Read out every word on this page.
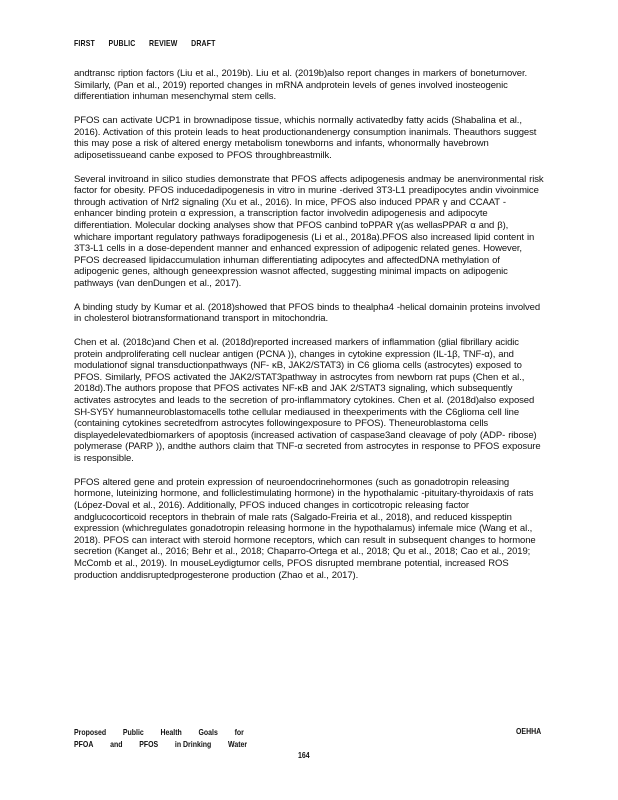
FIRST PUBLIC REVIEW DRAFT

andtransc ription factors (Liu et al., 2019b). Liu et al. (2019b)also report changes in markers of boneturnover. Similarly, (Pan et al., 2019) reported changes in mRNA andprotein levels of genes involved inosteogenic differentiation inhuman mesenchymal stem cells.

PFOS can activate UCP1 in brownadipose tissue, whichis normally activatedby fatty acids (Shabalina et al., 2016). Activation of this protein leads to heat productionandenergy consumption inanimals. Theauthors suggest this may pose a risk of altered energy metabolism tonewborns and infants, whonormally havebrown adiposetissueand canbe exposed to PFOS throughbreastmilk.

Several invitroand in silico studies demonstrate that PFOS affects adipogenesis andmay be anenvironmental risk factor for obesity. PFOS inducedadipogenesis in vitro in murine -derived 3T3-L1 preadipocytes andin vivoinmice through activation of Nrf2 signaling (Xu et al., 2016). In mice, PFOS also induced PPAR γ and CCAAT -enhancer binding protein α expression, a transcription factor involvedin adipogenesis and adipocyte differentiation. Molecular docking analyses show that PFOS canbind toPPAR γ(as wellasPPAR α and β), whichare important regulatory pathways foradipogenesis (Li et al., 2018a).PFOS also increased lipid content in 3T3-L1 cells in a dose-dependent manner and enhanced expression of adipogenic related genes. However, PFOS decreased lipidaccumulation inhuman differentiating adipocytes and affectedDNA methylation of adipogenic genes, although geneexpression wasnot affected, suggesting minimal impacts on adipogenic pathways (van denDungen et al., 2017).

A binding study by Kumar et al. (2018)showed that PFOS binds to thealpha4 -helical domainin proteins involved in cholesterol biotransformationand transport in mitochondria.

Chen et al. (2018c)and Chen et al. (2018d)reported increased markers of inflammation (glial fibrillary acidic protein andproliferating cell nuclear antigen (PCNA )), changes in cytokine expression (IL-1β, TNF-α), and modulationof signal transductionpathways (NF- κB, JAK2/STAT3) in C6 glioma cells (astrocytes) exposed to PFOS. Similarly, PFOS activated the JAK2/STAT3pathway in astrocytes from newborn rat pups (Chen et al., 2018d).The authors propose that PFOS activates NF-κB and JAK 2/STAT3 signaling, which subsequently activates astrocytes and leads to the secretion of pro-inflammatory cytokines. Chen et al. (2018d)also exposed SH-SY5Y humanneuroblastomacells tothe cellular mediaused in theexperiments with the C6glioma cell line (containing cytokines secretedfrom astrocytes followingexposure to PFOS). Theneuroblastoma cells displayedelevatedbiomarkers of apoptosis (increased activation of caspase3and cleavage of poly (ADP- ribose) polymerase (PARP )), andthe authors claim that TNF-α secreted from astrocytes in response to PFOS exposure is responsible.

PFOS altered gene and protein expression of neuroendocrinehormones (such as gonadotropin releasing hormone, luteinizing hormone, and folliclestimulating hormone) in the hypothalamic -pituitary-thyroidaxis of rats (López-Doval et al., 2016). Additionally, PFOS induced changes in corticotropic releasing factor andglucocorticoid receptors in thebrain of male rats (Salgado-Freiria et al., 2018), and reduced kisspeptin expression (whichregulates gonadotropin releasing hormone in the hypothalamus) infemale mice (Wang et al., 2018). PFOS can interact with steroid hormone receptors, which can result in subsequent changes to hormone secretion (Kanget al., 2016; Behr et al., 2018; Chaparro-Ortega et al., 2018; Qu et al., 2018; Cao et al., 2019; McComb et al., 2019). In mouseLeydigtumor cells, PFOS disrupted membrane potential, increased ROS production anddisruptedprogesterone production (Zhao et al., 2017).

Proposed Public Health Goals for
PFOA and PFOS in Drinking Water
OEHHA
164
